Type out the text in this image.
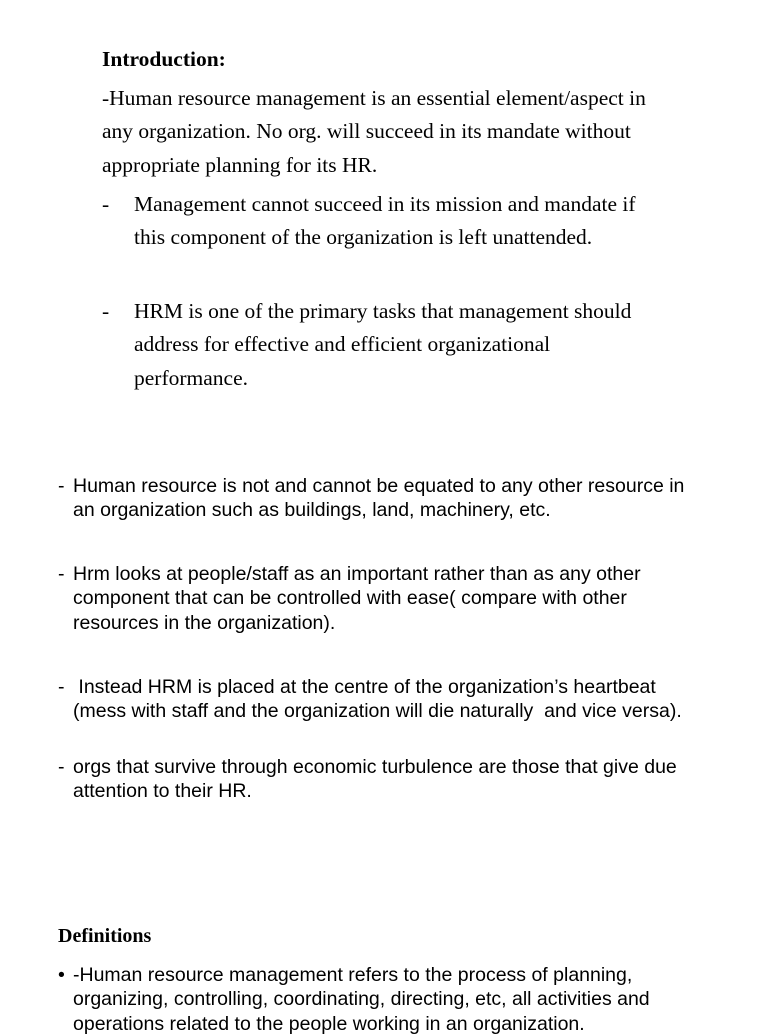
Introduction:
-Human resource management is an essential element/aspect in any organization. No org. will succeed in its mandate without appropriate planning for its HR.
-	Management cannot succeed in its mission and mandate if this component of the organization is left unattended.
-	HRM is one of the primary tasks that management should address for effective and efficient organizational performance.
- Human resource is not and cannot be equated to any other resource in an organization such as buildings, land, machinery, etc.
- Hrm looks at people/staff as an important rather than as any other component that can be controlled with ease( compare with other resources in the organization).
- Instead HRM is placed at the centre of the organization’s heartbeat (mess with staff and the organization will die naturally  and vice versa).
- orgs that survive through economic turbulence are those that give due attention to their HR.
Definitions
• -Human resource management refers to the process of planning, organizing, controlling, coordinating, directing, etc, all activities and operations related to the people working in an organization.
